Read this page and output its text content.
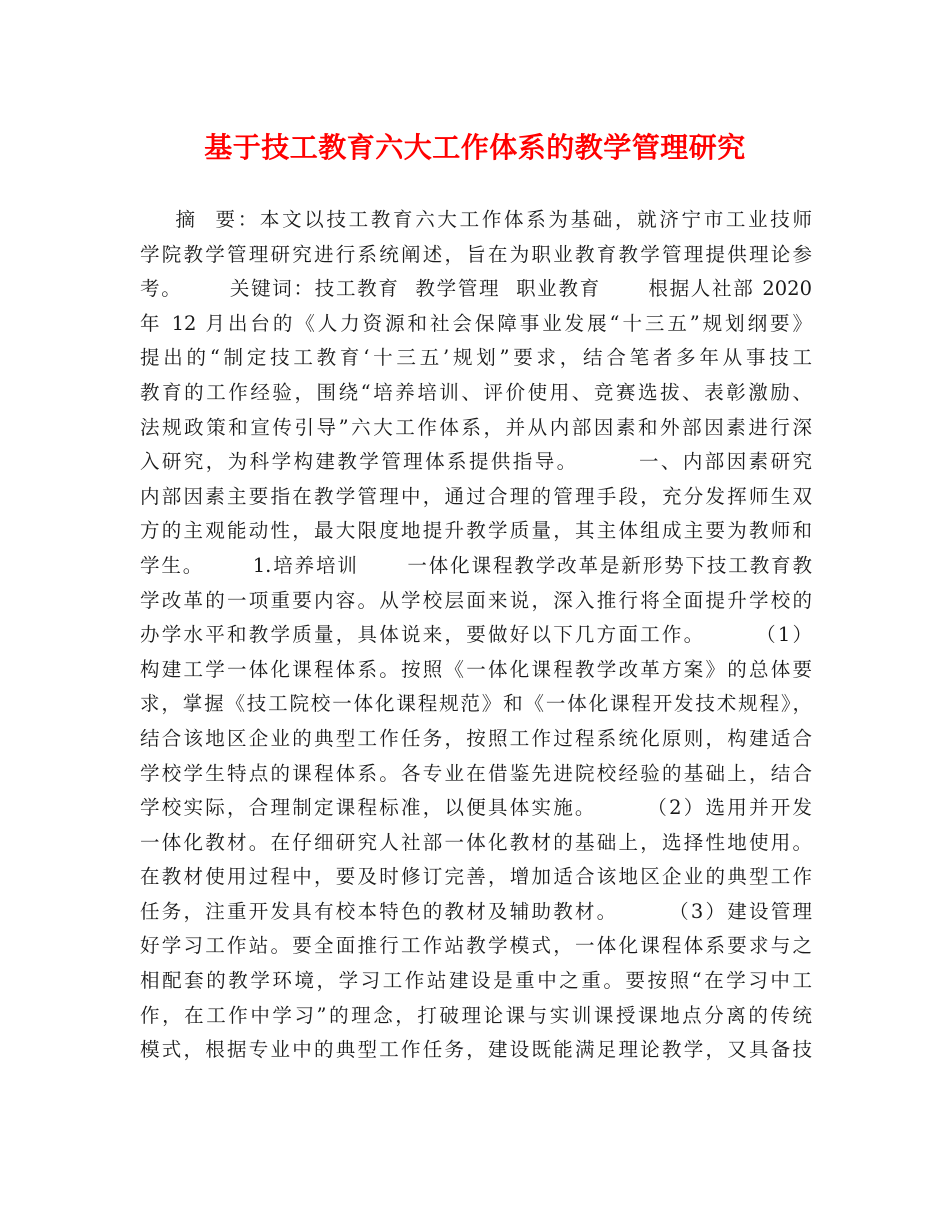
基于技工教育六大工作体系的教学管理研究
摘  要：本文以技工教育六大工作体系为基础，就济宁市工业技师
学院教学管理研究进行系统阐述，旨在为职业教育教学管理提供理论参
考。      关键词：技工教育  教学管理  职业教育      根据人社部 2020
年 12 月出台的《人力资源和社会保障事业发展“十三五”规划纲要》
提出的“制定技工教育‘十三五’规划”要求，结合笔者多年从事技工
教育的工作经验，围绕“培养培训、评价使用、竞赛选拔、表彰激励、
法规政策和宣传引导”六大工作体系，并从内部因素和外部因素进行深
入研究，为科学构建教学管理体系提供指导。       一、内部因素研究
内部因素主要指在教学管理中，通过合理的管理手段，充分发挥师生双
方的主观能动性，最大限度地提升教学质量，其主体组成主要为教师和
学生。      1.培养培训      一体化课程教学改革是新形势下技工教育教
学改革的一项重要内容。从学校层面来说，深入推行将全面提升学校的
办学水平和教学质量，具体说来，要做好以下几方面工作。      （1）
构建工学一体化课程体系。按照《一体化课程教学改革方案》的总体要
求，掌握《技工院校一体化课程规范》和《一体化课程开发技术规程》，
结合该地区企业的典型工作任务，按照工作过程系统化原则，构建适合
学校学生特点的课程体系。各专业在借鉴先进院校经验的基础上，结合
学校实际，合理制定课程标准，以便具体实施。      （2）选用并开发
一体化教材。在仔细研究人社部一体化教材的基础上，选择性地使用。
在教材使用过程中，要及时修订完善，增加适合该地区企业的典型工作
任务，注重开发具有校本特色的教材及辅助教材。      （3）建设管理
好学习工作站。要全面推行工作站教学模式，一体化课程体系要求与之
相配套的教学环境，学习工作站建设是重中之重。要按照“在学习中工
作，在工作中学习”的理念，打破理论课与实训课授课地点分离的传统
模式，根据专业中的典型工作任务，建设既能满足理论教学，又具备技
